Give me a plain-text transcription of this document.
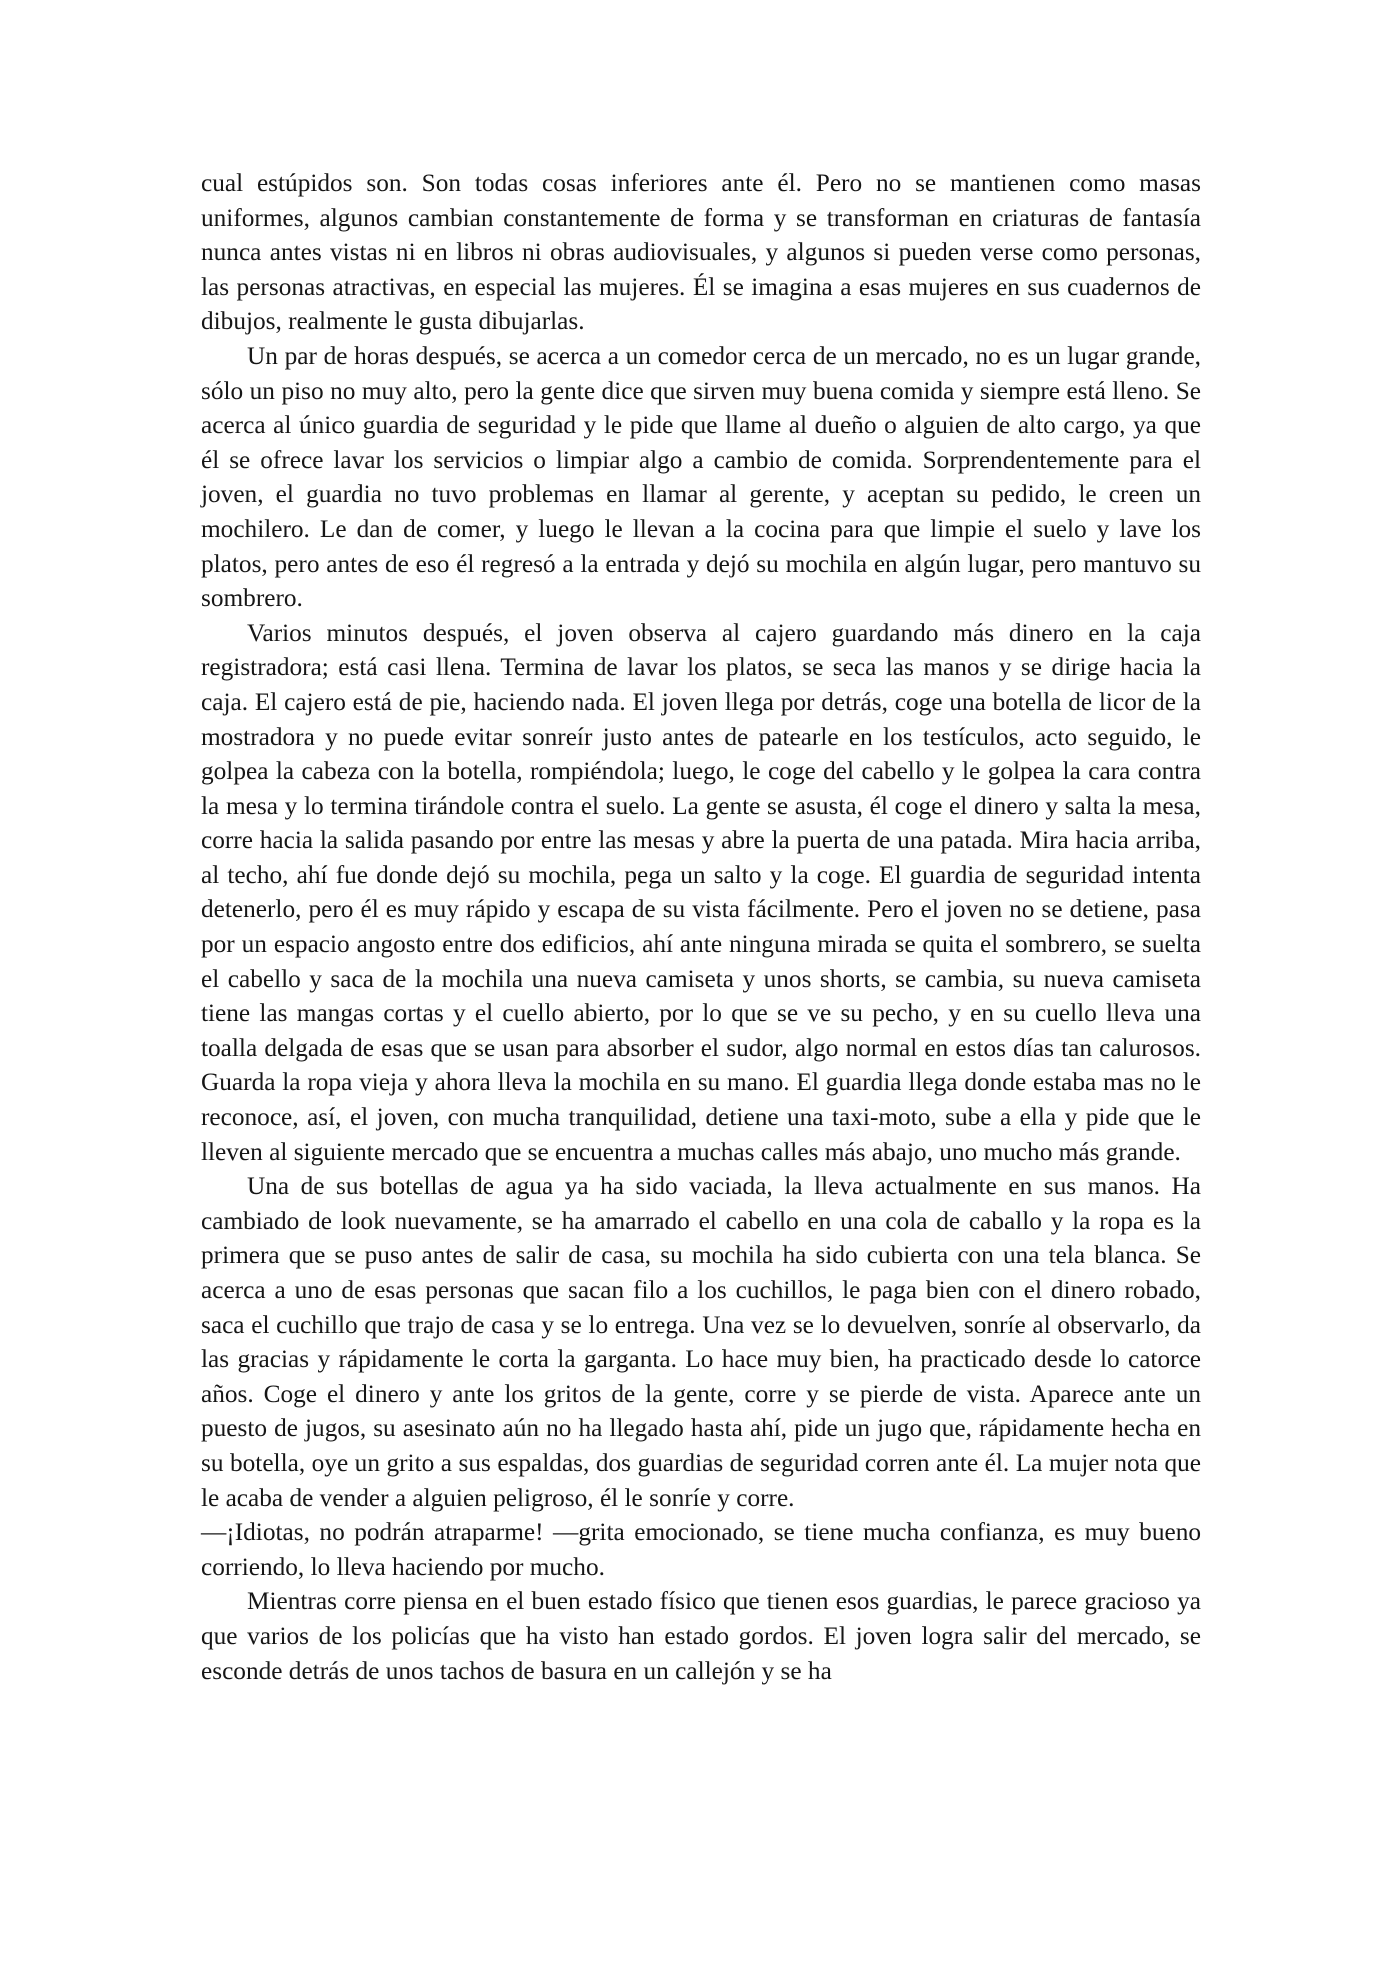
cual estúpidos son. Son todas cosas inferiores ante él. Pero no se mantienen como masas uniformes, algunos cambian constantemente de forma y se transforman en criaturas de fantasía nunca antes vistas ni en libros ni obras audiovisuales, y algunos si pueden verse como personas, las personas atractivas, en especial las mujeres. Él se imagina a esas mujeres en sus cuadernos de dibujos, realmente le gusta dibujarlas.

Un par de horas después, se acerca a un comedor cerca de un mercado, no es un lugar grande, sólo un piso no muy alto, pero la gente dice que sirven muy buena comida y siempre está lleno. Se acerca al único guardia de seguridad y le pide que llame al dueño o alguien de alto cargo, ya que él se ofrece lavar los servicios o limpiar algo a cambio de comida. Sorprendentemente para el joven, el guardia no tuvo problemas en llamar al gerente, y aceptan su pedido, le creen un mochilero. Le dan de comer, y luego le llevan a la cocina para que limpie el suelo y lave los platos, pero antes de eso él regresó a la entrada y dejó su mochila en algún lugar, pero mantuvo su sombrero.

Varios minutos después, el joven observa al cajero guardando más dinero en la caja registradora; está casi llena. Termina de lavar los platos, se seca las manos y se dirige hacia la caja. El cajero está de pie, haciendo nada. El joven llega por detrás, coge una botella de licor de la mostradora y no puede evitar sonreír justo antes de patearle en los testículos, acto seguido, le golpea la cabeza con la botella, rompiéndola; luego, le coge del cabello y le golpea la cara contra la mesa y lo termina tirándole contra el suelo. La gente se asusta, él coge el dinero y salta la mesa, corre hacia la salida pasando por entre las mesas y abre la puerta de una patada. Mira hacia arriba, al techo, ahí fue donde dejó su mochila, pega un salto y la coge. El guardia de seguridad intenta detenerlo, pero él es muy rápido y escapa de su vista fácilmente. Pero el joven no se detiene, pasa por un espacio angosto entre dos edificios, ahí ante ninguna mirada se quita el sombrero, se suelta el cabello y saca de la mochila una nueva camiseta y unos shorts, se cambia, su nueva camiseta tiene las mangas cortas y el cuello abierto, por lo que se ve su pecho, y en su cuello lleva una toalla delgada de esas que se usan para absorber el sudor, algo normal en estos días tan calurosos. Guarda la ropa vieja y ahora lleva la mochila en su mano. El guardia llega donde estaba mas no le reconoce, así, el joven, con mucha tranquilidad, detiene una taxi-moto, sube a ella y pide que le lleven al siguiente mercado que se encuentra a muchas calles más abajo, uno mucho más grande.

Una de sus botellas de agua ya ha sido vaciada, la lleva actualmente en sus manos. Ha cambiado de look nuevamente, se ha amarrado el cabello en una cola de caballo y la ropa es la primera que se puso antes de salir de casa, su mochila ha sido cubierta con una tela blanca. Se acerca a uno de esas personas que sacan filo a los cuchillos, le paga bien con el dinero robado, saca el cuchillo que trajo de casa y se lo entrega. Una vez se lo devuelven, sonríe al observarlo, da las gracias y rápidamente le corta la garganta. Lo hace muy bien, ha practicado desde lo catorce años. Coge el dinero y ante los gritos de la gente, corre y se pierde de vista. Aparece ante un puesto de jugos, su asesinato aún no ha llegado hasta ahí, pide un jugo que, rápidamente hecha en su botella, oye un grito a sus espaldas, dos guardias de seguridad corren ante él. La mujer nota que le acaba de vender a alguien peligroso, él le sonríe y corre.

—¡Idiotas, no podrán atraparme! —grita emocionado, se tiene mucha confianza, es muy bueno corriendo, lo lleva haciendo por mucho.

Mientras corre piensa en el buen estado físico que tienen esos guardias, le parece gracioso ya que varios de los policías que ha visto han estado gordos. El joven logra salir del mercado, se esconde detrás de unos tachos de basura en un callejón y se ha
